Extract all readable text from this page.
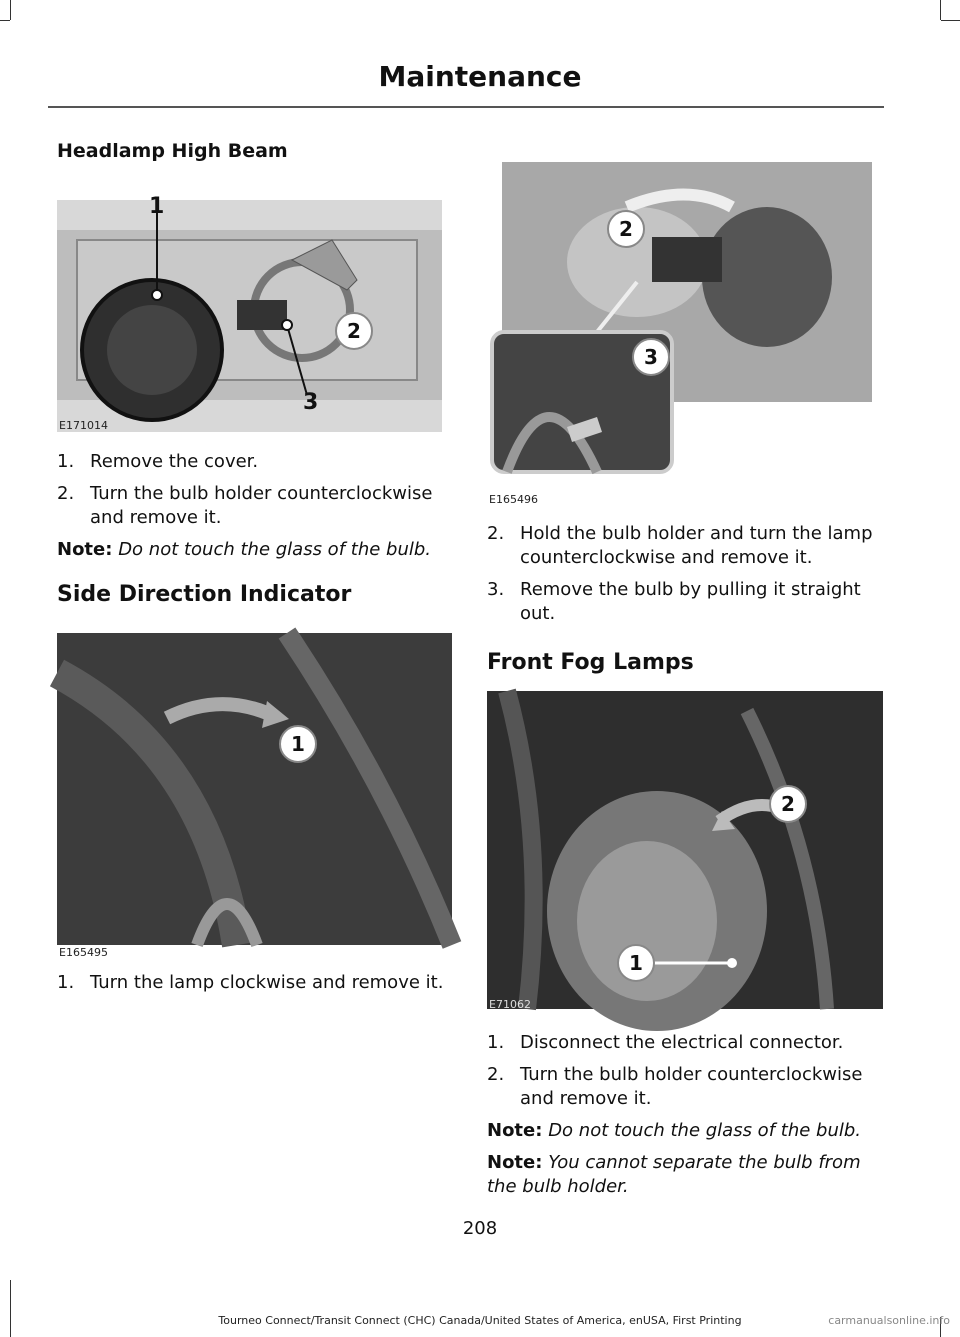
Maintenance
Headlamp High Beam
1
2
3
E171014
1. Remove the cover.
2. Turn the bulb holder counterclockwise and remove it.

Note: Do not touch the glass of the bulb.

Side Direction Indicator
1
E165495
1. Turn the lamp clockwise and remove it.
2
3
E165496
2. Hold the bulb holder and turn the lamp counterclockwise and remove it.
3. Remove the bulb by pulling it straight out.
Front Fog Lamps
2
1
E71062
1. Disconnect the electrical connector.
2. Turn the bulb holder counterclockwise and remove it.

Note: Do not touch the glass of the bulb.

Note: You cannot separate the bulb from the bulb holder.

208
Tourneo Connect/Transit Connect (CHC) Canada/United States of America, enUSA, First Printing	carmanualsonline.info
